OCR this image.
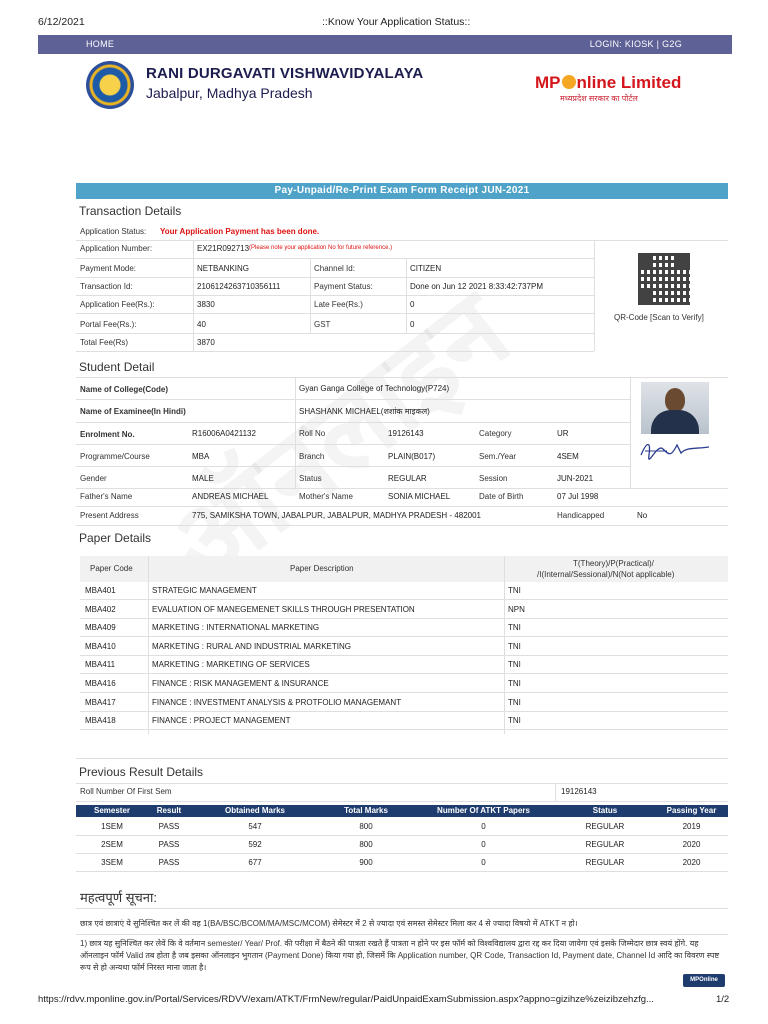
6/12/2021	::Know Your Application Status::
HOME	LOGIN: KIOSK | G2G
RANI DURGAVATI VISHWAVIDYALAYA
Jabalpur, Madhya Pradesh
MP nline Limited
मध्यप्रदेश सरकार का पोर्टल
Pay-Unpaid/Re-Print Exam Form Receipt JUN-2021
Transaction Details
Application Status: Your Application Payment has been done.
Application Number:	EX21R092713 (Please note your application No for future reference.)
Payment Mode:	NETBANKING	Channel Id:	CITIZEN
Transaction Id:	2106124263710356111	Payment Status:	Done on Jun 12 2021 8:33:42:737PM
Application Fee(Rs.):	3830	Late Fee(Rs.)	0
Portal Fee(Rs.):	40	GST	0
Total Fee(Rs)	3870
QR-Code [Scan to Verify]
Student Detail
Name of College(Code)	Gyan Ganga College of Technology(P724)
Name of Examinee(In Hindi)	SHASHANK MICHAEL(शशांक माइकल)
Enrolment No.	R16006A0421132	Roll No	19126143	Category	UR
Programme/Course	MBA	Branch	PLAIN(B017)	Sem./Year	4SEM
Gender	MALE	Status	REGULAR	Session	JUN-2021
Father's Name	ANDREAS MICHAEL	Mother's Name	SONIA MICHAEL	Date of Birth	07 Jul 1998
Present Address	775, SAMIKSHA TOWN, JABALPUR, JABALPUR, MADHYA PRADESH - 482001	Handicapped	No
Paper Details
Paper Code	Paper Description
T(Theory)/P(Practical)/
/I(Internal/Sessional)/N(Not applicable)
MBA401	STRATEGIC MANAGEMENT	TNI
MBA402	EVALUATION OF MANEGEMENET SKILLS THROUGH PRESENTATION	NPN
MBA409	MARKETING : INTERNATIONAL MARKETING	TNI
MBA410	MARKETING : RURAL AND INDUSTRIAL MARKETING	TNI
MBA411	MARKETING : MARKETING OF SERVICES	TNI
MBA416	FINANCE : RISK MANAGEMENT & INSURANCE	TNI
MBA417	FINANCE : INVESTMENT ANALYSIS & PROTFOLIO MANAGEMANT	TNI
MBA418	FINANCE : PROJECT MANAGEMENT	TNI
Previous Result Details
Roll Number Of First Sem	19126143
Semester	Result	Obtained Marks	Total Marks	Number Of ATKT Papers	Status	Passing Year
1SEM	PASS	547	800	0	REGULAR	2019
2SEM	PASS	592	800	0	REGULAR	2020
3SEM	PASS	677	900	0	REGULAR	2020
महत्वपूर्ण सूचना:
छात्र एवं छात्राएं ये सुनिश्चित कर लें की वह 1(BA/BSC/BCOM/MA/MSC/MCOM) सेमेस्टर में 2 से ज्यादा एवं समस्त सेमेस्टर मिला कर 4 से ज्यादा विषयो में ATKT न हो।
1) छात्र यह सुनिश्चित कर लेवें कि वे वर्तमान semester/ Year/ Prof. की परीक्षा में बैठने की पात्रता रखते हैं पात्रता न होने पर इस फॉर्म को विश्वविद्यालय द्वारा रद्द कर दिया जावेगा एवं इसके जिम्मेदार छात्र स्वयं होंगे. यह ऑनलाइन फॉर्म Valid तब होता है जब इसका ऑनलाइन भुगतान (Payment Done) किया गया हो, जिसमें कि Application number, QR Code, Transaction Id, Payment date, Channel Id आदि का विवरण स्पष्ट रूप से हो अन्यथा फॉर्म निरस्त माना जाता है।
MPOnline
https://rdvv.mponline.gov.in/Portal/Services/RDVV/exam/ATKT/FrmNew/regular/PaidUnpaidExamSubmission.aspx?appno=gizihze%zeizibzehzfg...	1/2
